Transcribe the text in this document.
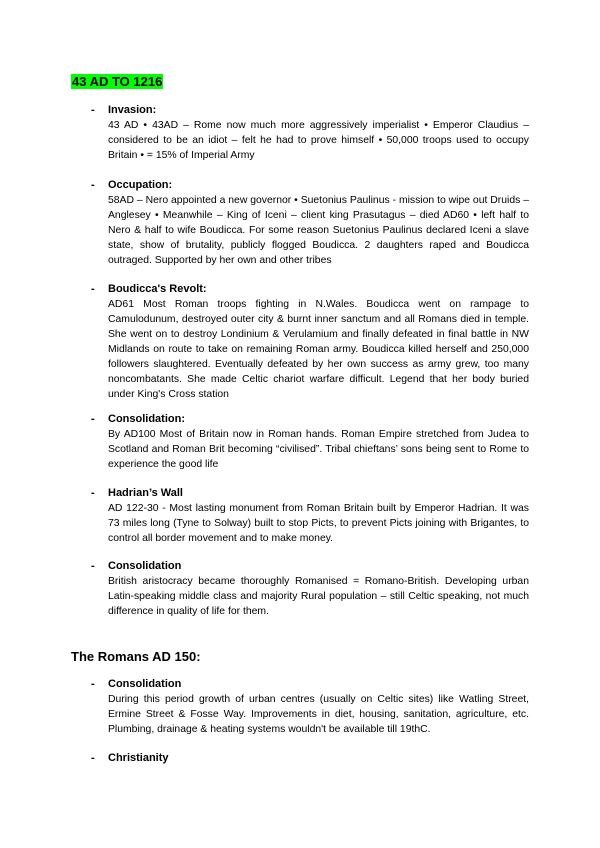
43 AD TO 1216
- Invasion:

43 AD • 43AD – Rome now much more aggressively imperialist • Emperor Claudius – considered to be an idiot – felt he had to prove himself • 50,000 troops used to occupy Britain • = 15% of Imperial Army

- Occupation:

58AD – Nero appointed a new governor • Suetonius Paulinus - mission to wipe out Druids – Anglesey • Meanwhile – King of Iceni – client king Prasutagus – died AD60 • left half to Nero & half to wife Boudicca. For some reason Suetonius Paulinus declared Iceni a slave state, show of brutality, publicly flogged Boudicca. 2 daughters raped and Boudicca outraged. Supported by her own and other tribes

- Boudicca's Revolt:

AD61 Most Roman troops fighting in N.Wales. Boudicca went on rampage to Camulodunum, destroyed outer city & burnt inner sanctum and all Romans died in temple. She went on to destroy Londinium & Verulamium and finally defeated in final battle in NW Midlands on route to take on remaining Roman army. Boudicca killed herself and 250,000 followers slaughtered. Eventually defeated by her own success as army grew, too many noncombatants. She made Celtic chariot warfare difficult. Legend that her body buried under King's Cross station

- Consolidation:

By AD100 Most of Britain now in Roman hands. Roman Empire stretched from Judea to Scotland and Roman Brit becoming “civilised”. Tribal chieftans’ sons being sent to Rome to experience the good life

- Hadrian’s Wall

AD 122-30 - Most lasting monument from Roman Britain built by Emperor Hadrian. It was 73 miles long (Tyne to Solway) built to stop Picts, to prevent Picts joining with Brigantes, to control all border movement and to make money.

- Consolidation

British aristocracy became thoroughly Romanised = Romano-British. Developing urban Latin-speaking middle class and majority Rural population – still Celtic speaking, not much difference in quality of life for them.

The Romans AD 150:
- Consolidation

During this period growth of urban centres (usually on Celtic sites) like Watling Street, Ermine Street & Fosse Way. Improvements in diet, housing, sanitation, agriculture, etc. Plumbing, drainage & heating systems wouldn't be available till 19thC.

- Christianity
